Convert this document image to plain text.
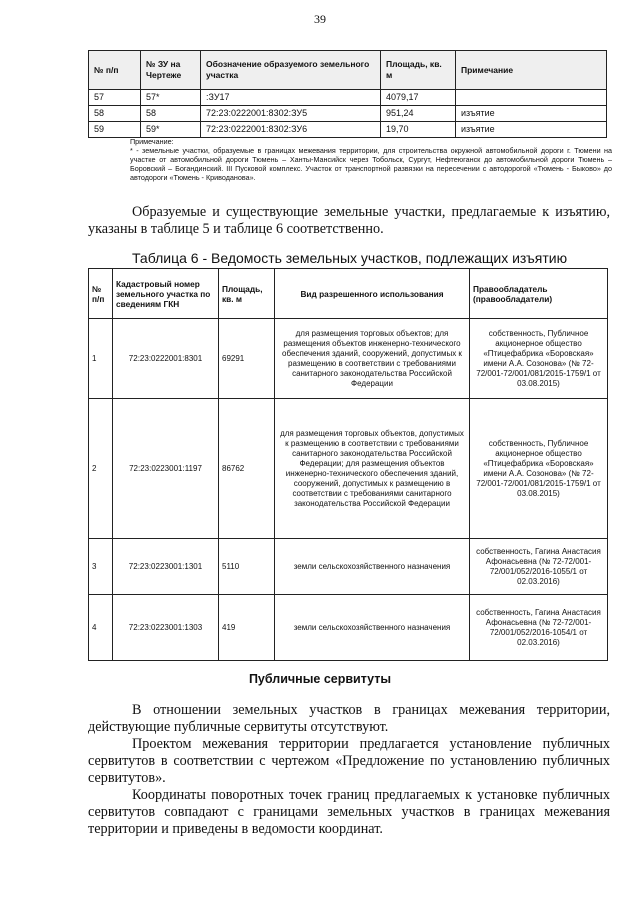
39
№ п/п	№ ЗУ на Чертеже	Обозначение образуемого земельного участка	Площадь, кв. м	Примечание
57	57*	:ЗУ17	4079,17	
58	58	72:23:0222001:8302:ЗУ5	951,24	изъятие
59	59*	72:23:0222001:8302:ЗУ6	19,70	изъятие
Примечание:
* - земельные участки, образуемые в границах межевания территории, для строительства окружной автомобильной дороги г. Тюмени на участке от автомобильной дороги Тюмень – Ханты-Мансийск через Тобольск, Сургут, Нефтеюганск до автомобильной дороги Тюмень – Боровский – Богандинский. III Пусковой комплекс. Участок от транспортной развязки на пересечении с автодорогой «Тюмень - Быково» до автодороги «Тюмень - Криводанова».

Образуемые и существующие земельные участки, предлагаемые к изъятию, указаны в таблице 5 и таблице 6 соответственно.

Таблица 6 - Ведомость земельных участков, подлежащих изъятию

№ п/п	Кадастровый номер земельного участка по сведениям ГКН	Площадь, кв. м	Вид разрешенного использования	Правообладатель (правообладатели)
1	72:23:0222001:8301	69291	для размещения торговых объектов; для размещения объектов инженерно-технического обеспечения зданий, сооружений, допустимых к размещению в соответствии с требованиями санитарного законодательства Российской Федерации	собственность, Публичное акционерное общество «Птицефабрика «Боровская» имени А.А. Созонова» (№ 72-72/001-72/001/081/2015-1759/1 от 03.08.2015)
2	72:23:0223001:1197	86762	для размещения торговых объектов, допустимых к размещению в соответствии с требованиями санитарного законодательства Российской Федерации; для размещения объектов инженерно-технического обеспечения зданий, сооружений, допустимых к размещению в соответствии с требованиями санитарного законодательства Российской Федерации	собственность, Публичное акционерное общество «Птицефабрика «Боровская» имени А.А. Созонова» (№ 72-72/001-72/001/081/2015-1759/1 от 03.08.2015)
3	72:23:0223001:1301	5110	земли сельскохозяйственного назначения	собственность, Гагина Анастасия Афонасьевна (№ 72-72/001-72/001/052/2016-1055/1 от 02.03.2016)
4	72:23:0223001:1303	419	земли сельскохозяйственного назначения	собственность, Гагина Анастасия Афонасьевна (№ 72-72/001-72/001/052/2016-1054/1 от 02.03.2016)
Публичные сервитуты

В отношении земельных участков в границах межевания территории, действующие публичные сервитуты отсутствуют.

Проектом межевания территории предлагается установление публичных сервитутов в соответствии с чертежом «Предложение по установлению публичных сервитутов».

Координаты поворотных точек границ предлагаемых к установке публичных сервитутов совпадают с границами земельных участков в границах межевания территории и приведены в ведомости координат.
